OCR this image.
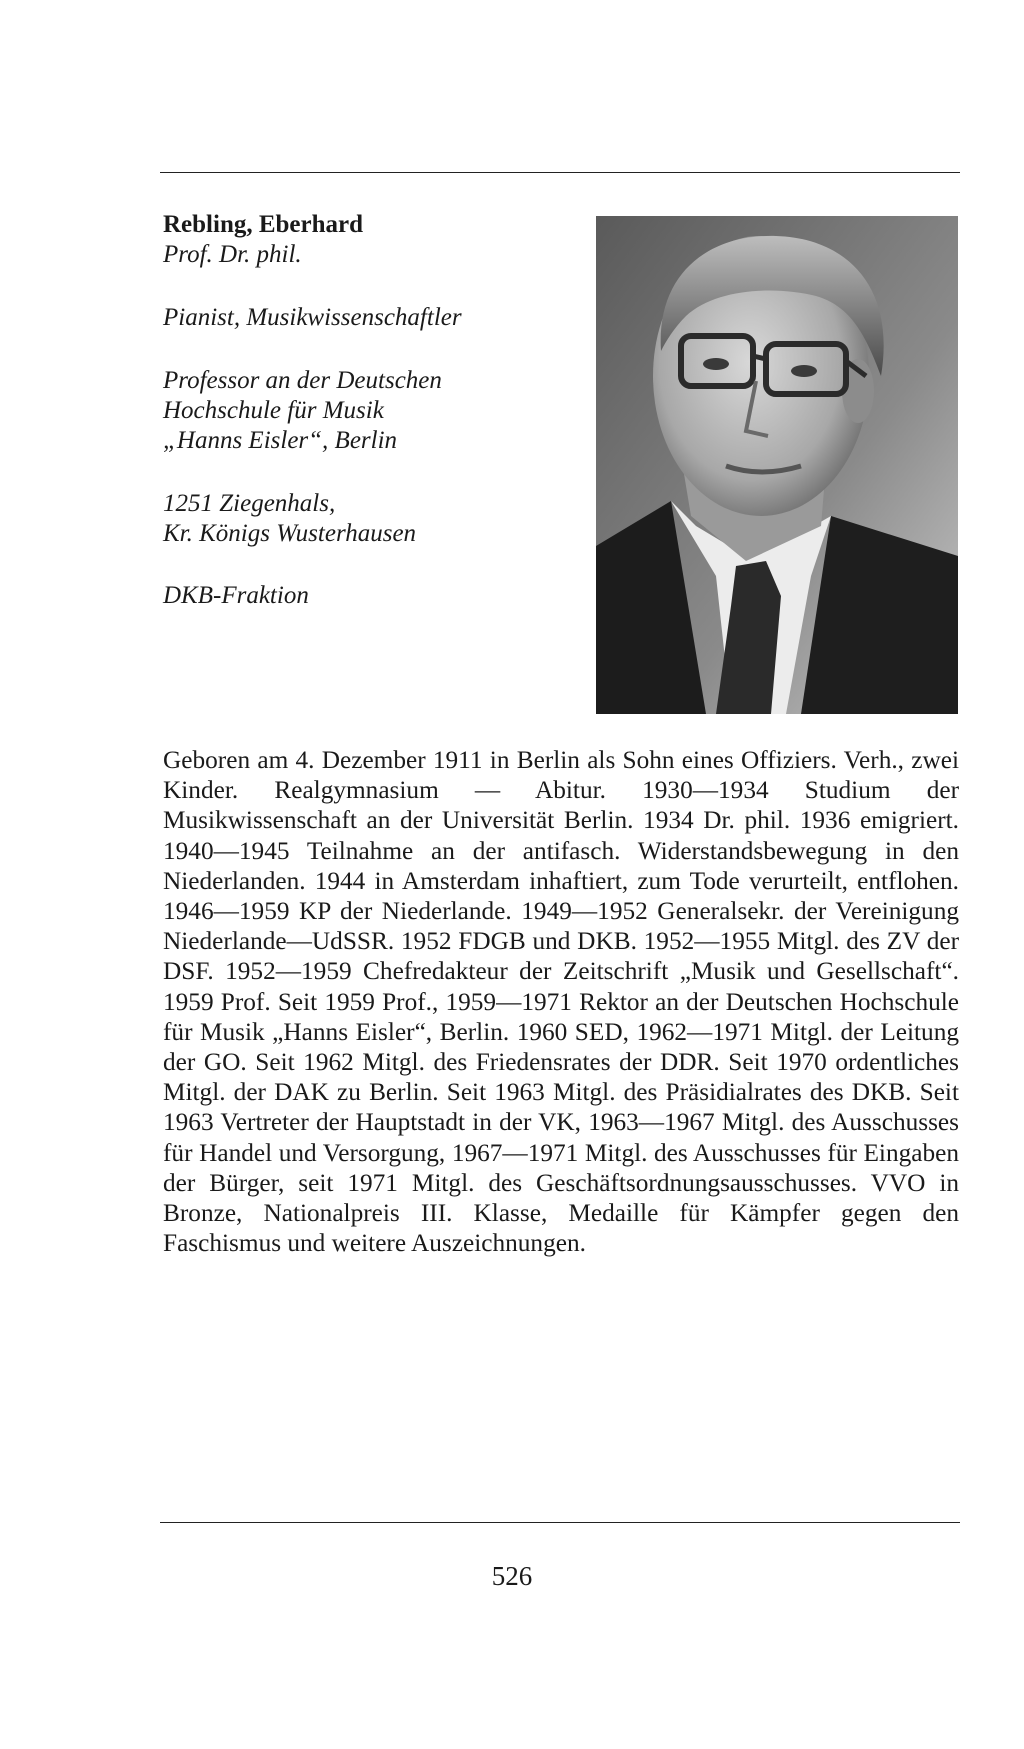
Rebling, Eberhard

Prof. Dr. phil.

Pianist, Musikwissenschaftler

Professor an der Deutschen

Hochschule für Musik

„Hanns Eisler“, Berlin

1251 Ziegenhals,

Kr. Königs Wusterhausen

DKB-Fraktion

Geboren am 4. Dezember 1911 in Berlin als Sohn eines Offiziers. Verh., zwei Kinder. Realgymnasium — Abitur. 1930—1934 Studium der Musikwissenschaft an der Universität Berlin. 1934 Dr. phil. 1936 emigriert. 1940—1945 Teilnahme an der antifasch. Widerstandsbewegung in den Niederlanden. 1944 in Amsterdam inhaftiert, zum Tode verurteilt, entflohen. 1946—1959 KP der Niederlande. 1949—1952 Generalsekr. der Vereinigung Niederlande—UdSSR. 1952 FDGB und DKB. 1952—1955 Mitgl. des ZV der DSF. 1952—1959 Chefredakteur der Zeitschrift „Musik und Gesellschaft“. 1959 Prof. Seit 1959 Prof., 1959—1971 Rektor an der Deutschen Hochschule für Musik „Hanns Eisler“, Berlin. 1960 SED, 1962—1971 Mitgl. der Leitung der GO. Seit 1962 Mitgl. des Friedensrates der DDR. Seit 1970 ordentliches Mitgl. der DAK zu Berlin. Seit 1963 Mitgl. des Präsidialrates des DKB. Seit 1963 Vertreter der Hauptstadt in der VK, 1963—1967 Mitgl. des Ausschusses für Handel und Versorgung, 1967—1971 Mitgl. des Ausschusses für Eingaben der Bürger, seit 1971 Mitgl. des Geschäftsordnungsausschusses. VVO in Bronze, Nationalpreis III. Klasse, Medaille für Kämpfer gegen den Faschismus und weitere Auszeichnungen.

526
